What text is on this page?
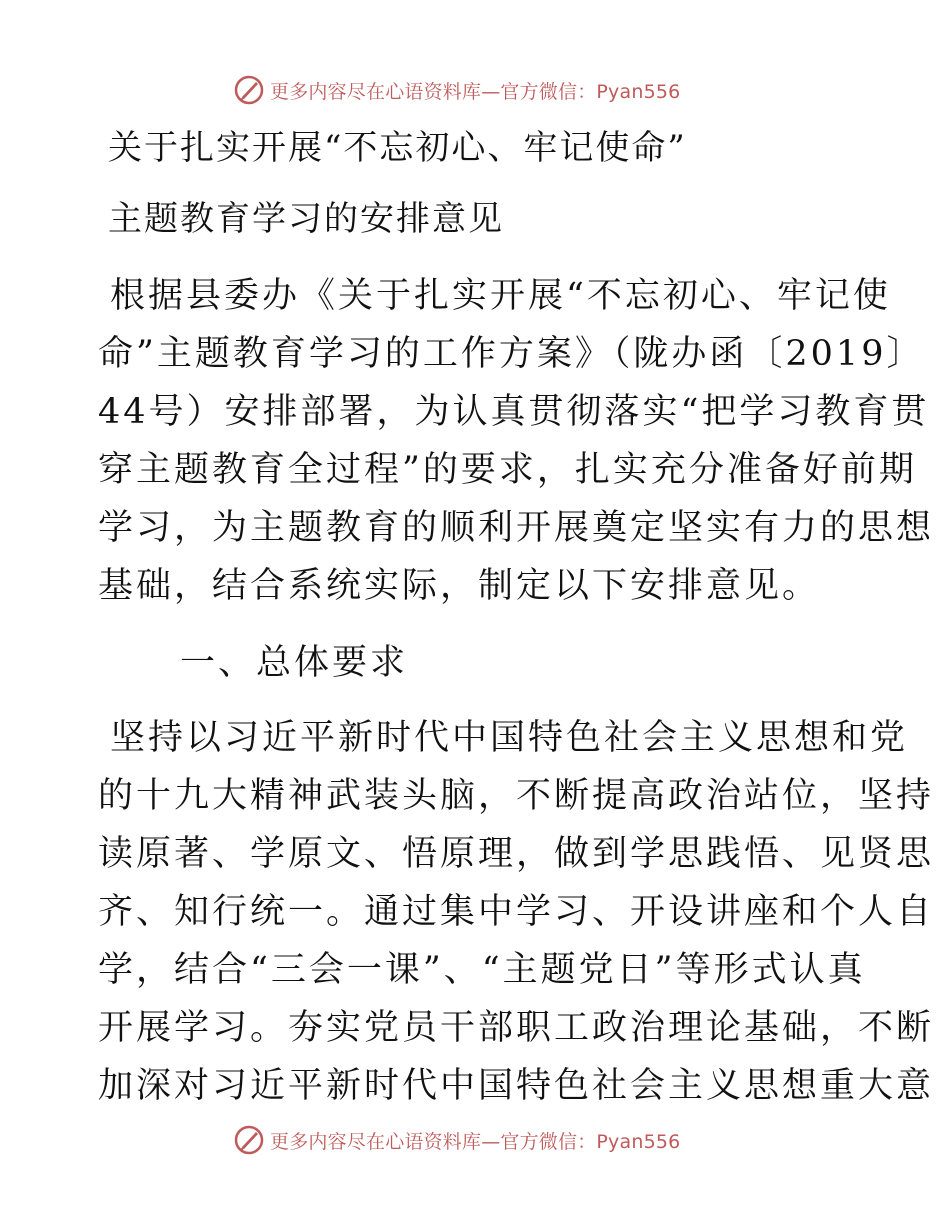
更多内容尽在心语资料库—官方微信：Pyan556

关于扎实开展“不忘初心、牢记使命”

主题教育学习的安排意见

根据县委办《关于扎实开展“不忘初心、牢记使

命”主题教育学习的工作方案》（陇办函〔2019〕

44号）安排部署，为认真贯彻落实“把学习教育贯

穿主题教育全过程”的要求，扎实充分准备好前期

学习，为主题教育的顺利开展奠定坚实有力的思想

基础，结合系统实际，制定以下安排意见。

一、总体要求

坚持以习近平新时代中国特色社会主义思想和党

的十九大精神武装头脑，不断提高政治站位，坚持

读原著、学原文、悟原理，做到学思践悟、见贤思

齐、知行统一。通过集中学习、开设讲座和个人自

学，结合“三会一课”、“主题党日”等形式认真

开展学习。夯实党员干部职工政治理论基础，不断

加深对习近平新时代中国特色社会主义思想重大意

更多内容尽在心语资料库—官方微信：Pyan556
